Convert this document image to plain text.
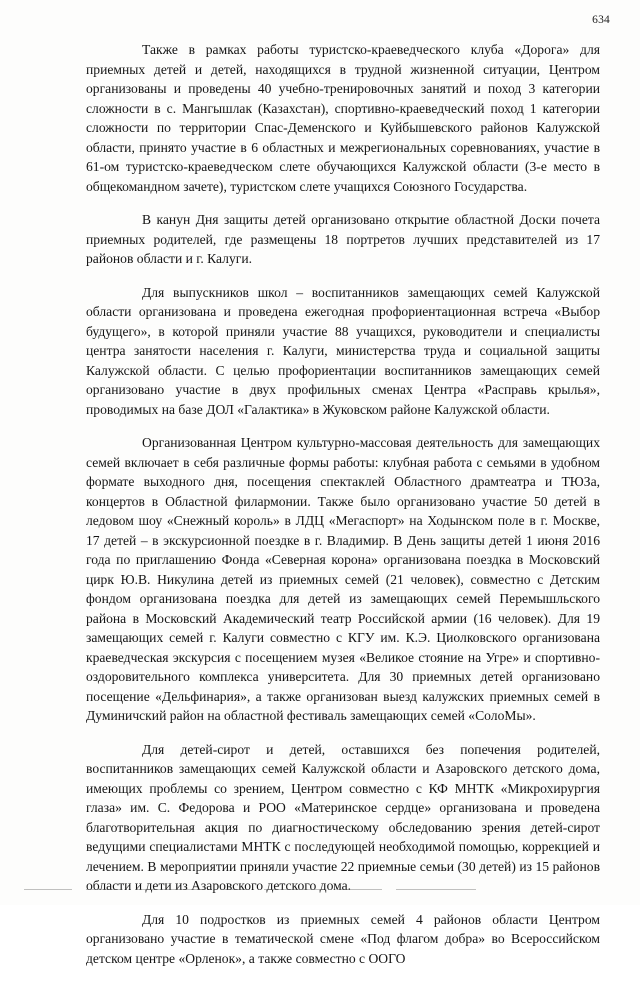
634

Также в рамках работы туристско-краеведческого клуба «Дорога» для приемных детей и детей, находящихся в трудной жизненной ситуации, Центром организованы и проведены 40 учебно-тренировочных занятий и поход 3 категории сложности в с. Мангышлак (Казахстан), спортивно-краеведческий поход 1 категории сложности по территории Спас-Деменского и Куйбышевского районов Калужской области, принято участие в 6 областных и межрегиональных соревнованиях, участие в 61-ом туристско-краеведческом слете обучающихся Калужской области (3-е место в общекомандном зачете), туристском слете учащихся Союзного Государства.

В канун Дня защиты детей организовано открытие областной Доски почета приемных родителей, где размещены 18 портретов лучших представителей из 17 районов области и г. Калуги.

Для выпускников школ – воспитанников замещающих семей Калужской области организована и проведена ежегодная профориентационная встреча «Выбор будущего», в которой приняли участие 88 учащихся, руководители и специалисты центра занятости населения г. Калуги, министерства труда и социальной защиты Калужской области. С целью профориентации воспитанников замещающих семей организовано участие в двух профильных сменах Центра «Расправь крылья», проводимых на базе ДОЛ «Галактика» в Жуковском районе Калужской области.

Организованная Центром культурно-массовая деятельность для замещающих семей включает в себя различные формы работы: клубная работа с семьями в удобном формате выходного дня, посещения спектаклей Областного драмтеатра и ТЮЗа, концертов в Областной филармонии. Также было организовано участие 50 детей в ледовом шоу «Снежный король» в ЛДЦ «Мегаспорт» на Ходынском поле в г. Москве, 17 детей – в экскурсионной поездке в г. Владимир. В День защиты детей 1 июня 2016 года по приглашению Фонда «Северная корона» организована поездка в Московский цирк Ю.В. Никулина детей из приемных семей (21 человек), совместно с Детским фондом организована поездка для детей из замещающих семей Перемышльского района в Московский Академический театр Российской армии (16 человек). Для 19 замещающих семей г. Калуги совместно с КГУ им. К.Э. Циолковского организована краеведческая экскурсия с посещением музея «Великое стояние на Угре» и спортивно-оздоровительного комплекса университета. Для 30 приемных детей организовано посещение «Дельфинария», а также организован выезд калужских приемных семей в Думиничский район на областной фестиваль замещающих семей «СолоМы».

Для детей-сирот и детей, оставшихся без попечения родителей, воспитанников замещающих семей Калужской области и Азаровского детского дома, имеющих проблемы со зрением, Центром совместно с КФ МНТК «Микрохирургия глаза» им. С. Федорова и РОО «Материнское сердце» организована и проведена благотворительная акция по диагностическому обследованию зрения детей-сирот ведущими специалистами МНТК с последующей необходимой помощью, коррекцией и лечением. В мероприятии приняли участие 22 приемные семьи (30 детей) из 15 районов области и дети из Азаровского детского дома.

Для 10 подростков из приемных семей 4 районов области Центром организовано участие в тематической смене «Под флагом добра» во Всероссийском детском центре «Орленок», а также совместно с ООГО
